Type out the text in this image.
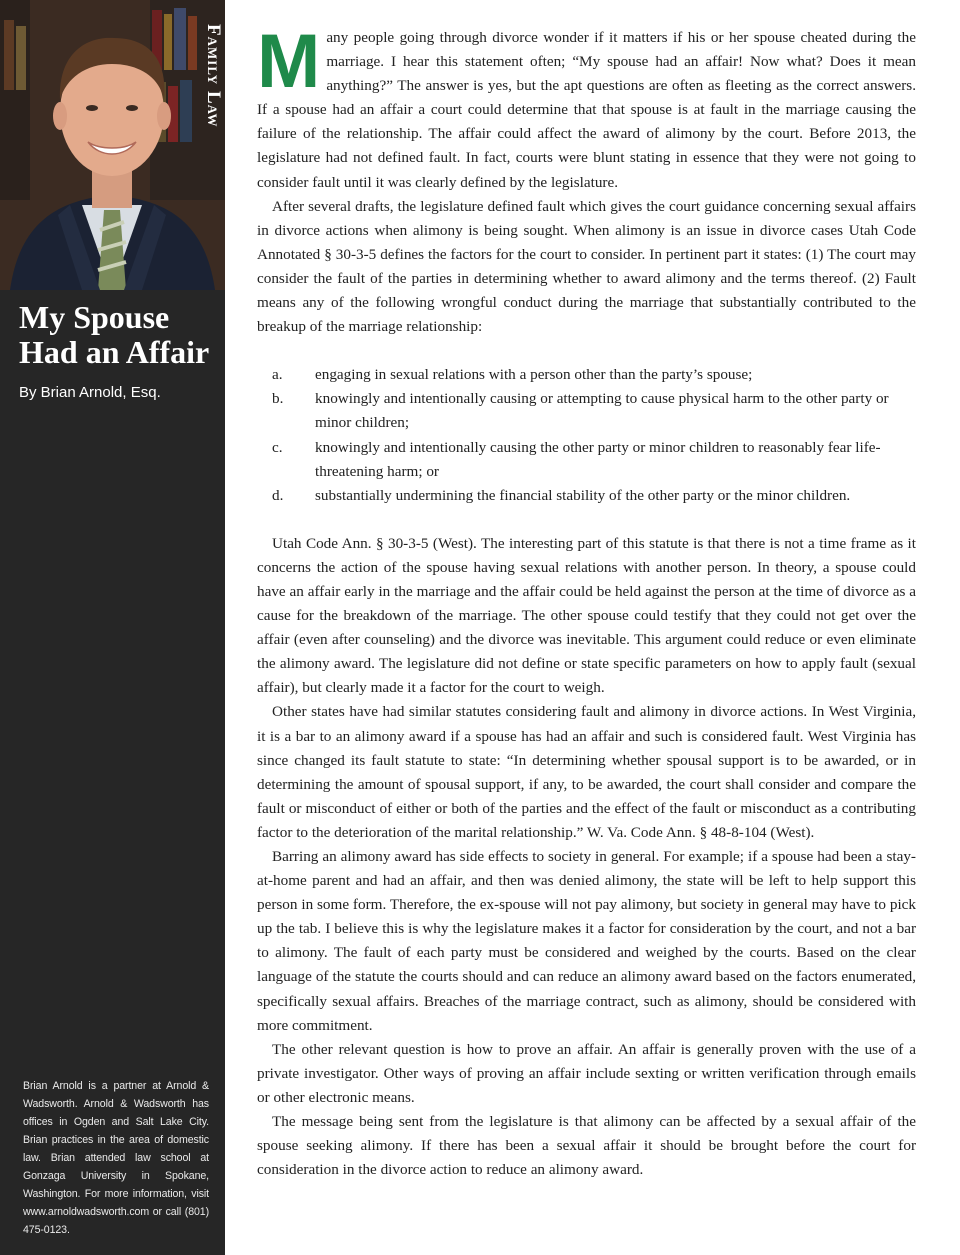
Family Law
My Spouse
Had an Affair
By Brian Arnold, Esq.

Brian Arnold is a partner at Arnold & Wadsworth. Arnold & Wadsworth has offices in Ogden and Salt Lake City. Brian practices in the area of domestic law. Brian attended law school at Gonzaga University in Spokane, Washington. For more information, visit www.arnoldwadsworth.com or call (801) 475-0123.

Many people going through divorce wonder if it matters if his or her spouse cheated during the marriage. I hear this statement often; “My spouse had an affair! Now what? Does it mean anything?” The answer is yes, but the apt questions are often as fleeting as the correct answers. If a spouse had an affair a court could determine that that spouse is at fault in the marriage causing the failure of the relationship. The affair could affect the award of alimony by the court. Before 2013, the legislature had not defined fault. In fact, courts were blunt stating in essence that they were not going to consider fault until it was clearly defined by the legislature.

After several drafts, the legislature defined fault which gives the court guidance concerning sexual affairs in divorce actions when alimony is being sought. When alimony is an issue in divorce cases Utah Code Annotated § 30-3-5 defines the factors for the court to consider. In pertinent part it states: (1) The court may consider the fault of the parties in determining whether to award alimony and the terms thereof. (2) Fault means any of the following wrongful conduct during the marriage that substantially contributed to the breakup of the marriage relationship:

a.	engaging in sexual relations with a person other than the party’s spouse;
b.	knowingly and intentionally causing or attempting to cause physical harm to the other party or minor children;
c.	knowingly and intentionally causing the other party or minor children to reasonably fear life-threatening harm; or
d.	substantially undermining the financial stability of the other party or the minor children.

Utah Code Ann. § 30-3-5 (West). The interesting part of this statute is that there is not a time frame as it concerns the action of the spouse having sexual relations with another person. In theory, a spouse could have an affair early in the marriage and the affair could be held against the person at the time of divorce as a cause for the breakdown of the marriage. The other spouse could testify that they could not get over the affair (even after counseling) and the divorce was inevitable. This argument could reduce or even eliminate the alimony award. The legislature did not define or state specific parameters on how to apply fault (sexual affair), but clearly made it a factor for the court to weigh.

Other states have had similar statutes considering fault and alimony in divorce actions. In West Virginia, it is a bar to an alimony award if a spouse has had an affair and such is considered fault. West Virginia has since changed its fault statute to state: “In determining whether spousal support is to be awarded, or in determining the amount of spousal support, if any, to be awarded, the court shall consider and compare the fault or misconduct of either or both of the parties and the effect of the fault or misconduct as a contributing factor to the deterioration of the marital relationship.” W. Va. Code Ann. § 48-8-104 (West).

Barring an alimony award has side effects to society in general. For example; if a spouse had been a stay-at-home parent and had an affair, and then was denied alimony, the state will be left to help support this person in some form. Therefore, the ex-spouse will not pay alimony, but society in general may have to pick up the tab. I believe this is why the legislature makes it a factor for consideration by the court, and not a bar to alimony. The fault of each party must be considered and weighed by the courts. Based on the clear language of the statute the courts should and can reduce an alimony award based on the factors enumerated, specifically sexual affairs. Breaches of the marriage contract, such as alimony, should be considered with more commitment.

The other relevant question is how to prove an affair. An affair is generally proven with the use of a private investigator. Other ways of proving an affair include sexting or written verification through emails or other electronic means.

The message being sent from the legislature is that alimony can be affected by a sexual affair of the spouse seeking alimony. If there has been a sexual affair it should be brought before the court for consideration in the divorce action to reduce an alimony award.
